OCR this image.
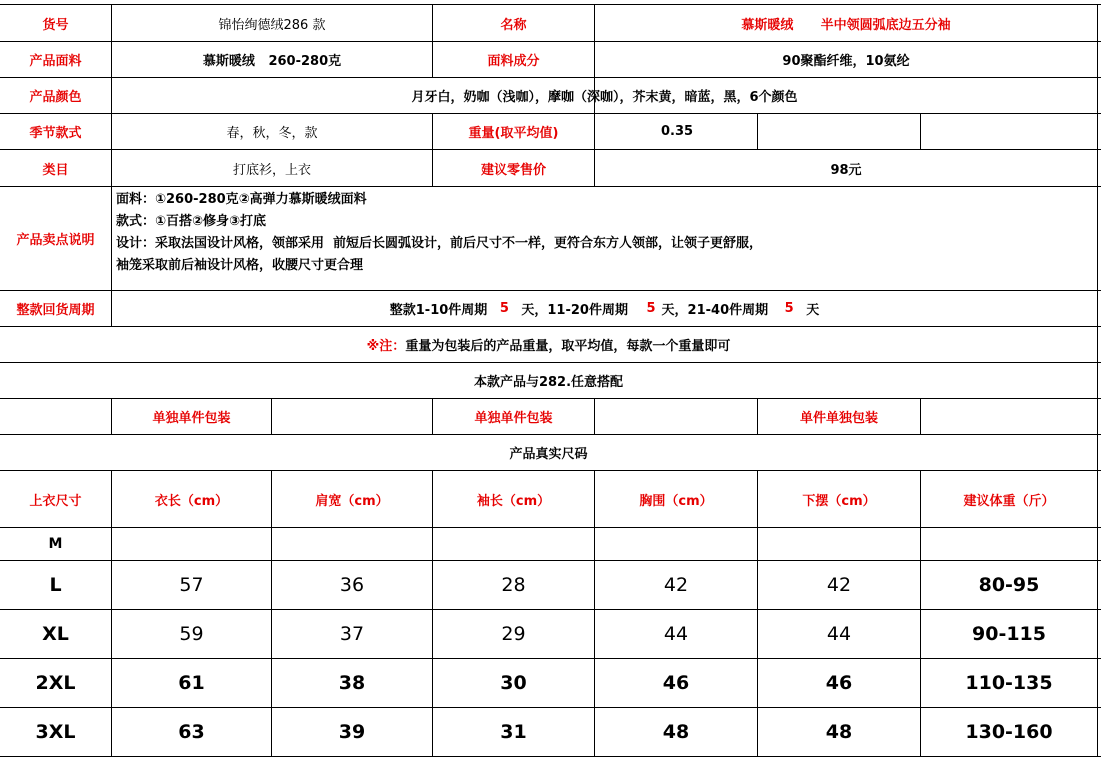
货号	锦怡绚德绒286 款	名称	慕斯暖绒      半中领圆弧底边五分袖
产品面料	慕斯暖绒   260-280克	面料成分	90聚酯纤维，10氨纶
产品颜色	月牙白，奶咖（浅咖），摩咖（深咖），芥末黄，暗蓝，黑，6个颜色
季节款式	春，秋，冬，款	重量(取平均值)	0.35
类目	打底衫，上衣	建议零售价	98元
产品卖点说明
面料：①260-280克②高弹力慕斯暖绒面料
款式：①百搭②修身③打底
设计：采取法国设计风格，领部采用  前短后长圆弧设计，前后尺寸不一样，更符合东方人领部，让领子更舒服，
袖笼采取前后袖设计风格，收腰尺寸更合理
整款回货周期	整款1-10件周期 5 天，11-20件周期 5 天，21-40件周期 5 天
※注： 重量为包装后的产品重量，取平均值，每款一个重量即可
本款产品与282.任意搭配
单独单件包装	单独单件包装	单件单独包装
产品真实尺码
上衣尺寸	衣长（cm）	肩宽（cm）	袖长（cm）	胸围（cm）	下摆（cm）	建议体重（斤）
M
L	57	36	28	42	42	80-95
XL	59	37	29	44	44	90-115
2XL	61	38	30	46	46	110-135
3XL	63	39	31	48	48	130-160
